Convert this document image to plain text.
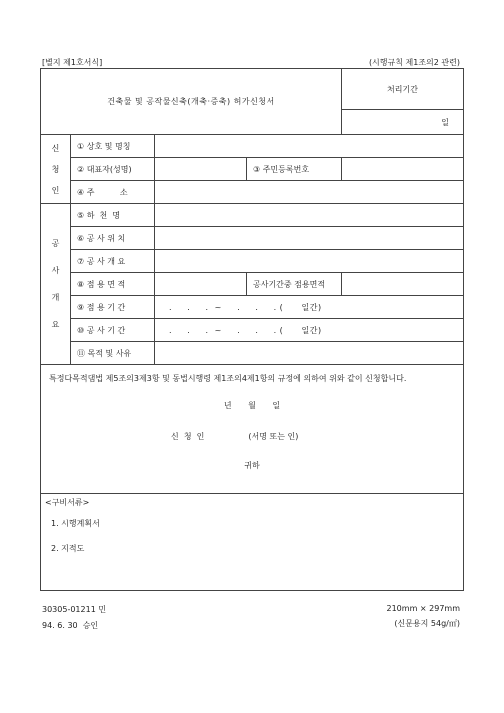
[별지 제1호서식]	(시행규칙 제1조의2 관련)
건축물 및 공작물신축(개축·증축) 허가신청서				처리기간
				일

신
청
인	① 상호 및 명칭			
	② 대표자(성명)		③ 주민등록번호	
	④ 주          소			

공
사
개
요	⑤ 하  천  명			
	⑥ 공 사 위 치			
	⑦ 공 사 개 요			
	⑧ 점 용 면 적		공사기간중 점용면적	
	⑨ 점 용 기 간	.     .     .  ~     .     .     . (      일간)		
	⑩ 공 사 기 간	.     .     .  ~     .     .     . (      일간)		
	⑪ 목적 및 사유			

특정다목적댐법 제5조의3제3항 및 동법시행령 제1조의4제1항의 규정에 의하여 위와 같이 신청합니다.
년 월 일
신  청  인 (서명 또는 인)
귀하				

<구비서류>
1. 시행계획서
2. 지적도				
30305-01211 민
94. 6. 30  승인
210mm × 297mm
(신문용지 54g/㎡)
